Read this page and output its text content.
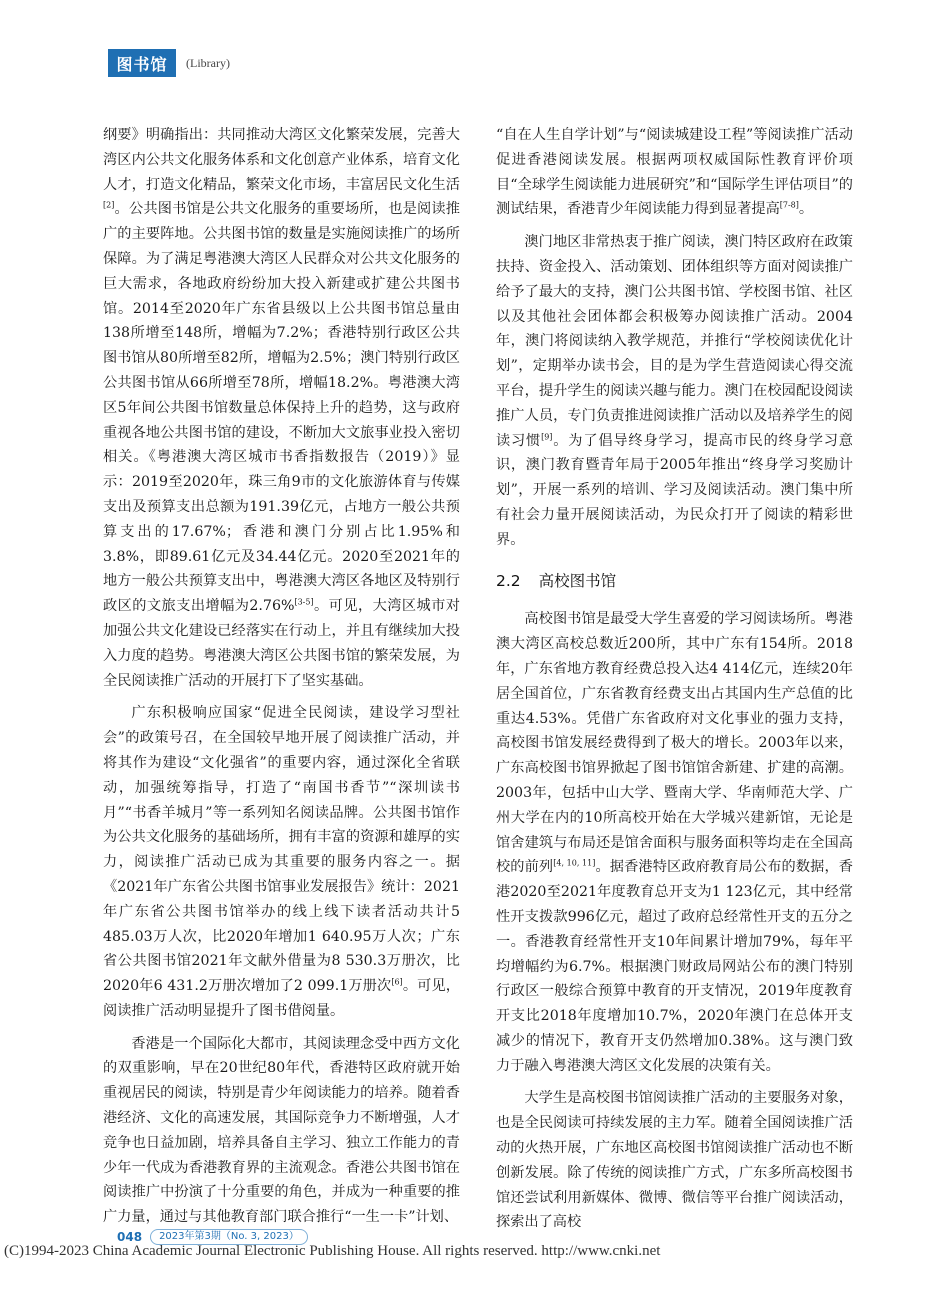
图书馆	(Library)

纲要》明确指出：共同推动大湾区文化繁荣发展，完善大湾区内公共文化服务体系和文化创意产业体系，培育文化人才，打造文化精品，繁荣文化市场，丰富居民文化生活[2]。公共图书馆是公共文化服务的重要场所，也是阅读推广的主要阵地。公共图书馆的数量是实施阅读推广的场所保障。为了满足粤港澳大湾区人民群众对公共文化服务的巨大需求，各地政府纷纷加大投入新建或扩建公共图书馆。2014至2020年广东省县级以上公共图书馆总量由138所增至148所，增幅为7.2%；香港特别行政区公共图书馆从80所增至82所，增幅为2.5%；澳门特别行政区公共图书馆从66所增至78所，增幅18.2%。粤港澳大湾区5年间公共图书馆数量总体保持上升的趋势，这与政府重视各地公共图书馆的建设，不断加大文旅事业投入密切相关。《粤港澳大湾区城市书香指数报告（2019）》显示：2019至2020年，珠三角9市的文化旅游体育与传媒支出及预算支出总额为191.39亿元，占地方一般公共预算支出的17.67%；香港和澳门分别占比1.95%和3.8%，即89.61亿元及34.44亿元。2020至2021年的地方一般公共预算支出中，粤港澳大湾区各地区及特别行政区的文旅支出增幅为2.76%[3-5]。可见，大湾区城市对加强公共文化建设已经落实在行动上，并且有继续加大投入力度的趋势。粤港澳大湾区公共图书馆的繁荣发展，为全民阅读推广活动的开展打下了坚实基础。

广东积极响应国家“促进全民阅读，建设学习型社会”的政策号召，在全国较早地开展了阅读推广活动，并将其作为建设“文化强省”的重要内容，通过深化全省联动，加强统筹指导，打造了“南国书香节”“深圳读书月”“书香羊城月”等一系列知名阅读品牌。公共图书馆作为公共文化服务的基础场所，拥有丰富的资源和雄厚的实力，阅读推广活动已成为其重要的服务内容之一。据《2021年广东省公共图书馆事业发展报告》统计：2021年广东省公共图书馆举办的线上线下读者活动共计5 485.03万人次，比2020年增加1 640.95万人次；广东省公共图书馆2021年文献外借量为8 530.3万册次，比2020年6 431.2万册次增加了2 099.1万册次[6]。可见，阅读推广活动明显提升了图书借阅量。

香港是一个国际化大都市，其阅读理念受中西方文化的双重影响，早在20世纪80年代，香港特区政府就开始重视居民的阅读，特别是青少年阅读能力的培养。随着香港经济、文化的高速发展，其国际竞争力不断增强，人才竞争也日益加剧，培养具备自主学习、独立工作能力的青少年一代成为香港教育界的主流观念。香港公共图书馆在阅读推广中扮演了十分重要的角色，并成为一种重要的推广力量，通过与其他教育部门联合推行“一生一卡”计划、

“自在人生自学计划”与“阅读城建设工程”等阅读推广活动促进香港阅读发展。根据两项权威国际性教育评价项目“全球学生阅读能力进展研究”和“国际学生评估项目”的测试结果，香港青少年阅读能力得到显著提高[7-8]。

澳门地区非常热衷于推广阅读，澳门特区政府在政策扶持、资金投入、活动策划、团体组织等方面对阅读推广给予了最大的支持，澳门公共图书馆、学校图书馆、社区以及其他社会团体都会积极筹办阅读推广活动。2004年，澳门将阅读纳入教学规范，并推行“学校阅读优化计划”，定期举办读书会，目的是为学生营造阅读心得交流平台，提升学生的阅读兴趣与能力。澳门在校园配设阅读推广人员，专门负责推进阅读推广活动以及培养学生的阅读习惯[9]。为了倡导终身学习，提高市民的终身学习意识，澳门教育暨青年局于2005年推出“终身学习奖励计划”，开展一系列的培训、学习及阅读活动。澳门集中所有社会力量开展阅读活动，为民众打开了阅读的精彩世界。

2.2 高校图书馆

高校图书馆是最受大学生喜爱的学习阅读场所。粤港澳大湾区高校总数近200所，其中广东有154所。2018年，广东省地方教育经费总投入达4 414亿元，连续20年居全国首位，广东省教育经费支出占其国内生产总值的比重达4.53%。凭借广东省政府对文化事业的强力支持，高校图书馆发展经费得到了极大的增长。2003年以来，广东高校图书馆界掀起了图书馆馆舍新建、扩建的高潮。2003年，包括中山大学、暨南大学、华南师范大学、广州大学在内的10所高校开始在大学城兴建新馆，无论是馆舍建筑与布局还是馆舍面积与服务面积等均走在全国高校的前列[4, 10, 11]。据香港特区政府教育局公布的数据，香港2020至2021年度教育总开支为1 123亿元，其中经常性开支拨款996亿元，超过了政府总经常性开支的五分之一。香港教育经常性开支10年间累计增加79%，每年平均增幅约为6.7%。根据澳门财政局网站公布的澳门特别行政区一般综合预算中教育的开支情况，2019年度教育开支比2018年度增加10.7%，2020年澳门在总体开支减少的情况下，教育开支仍然增加0.38%。这与澳门致力于融入粤港澳大湾区文化发展的决策有关。

大学生是高校图书馆阅读推广活动的主要服务对象，也是全民阅读可持续发展的主力军。随着全国阅读推广活动的火热开展，广东地区高校图书馆阅读推广活动也不断创新发展。除了传统的阅读推广方式，广东多所高校图书馆还尝试利用新媒体、微博、微信等平台推广阅读活动，探索出了高校

048	2023年第3期（No. 3, 2023）
(C)1994-2023 China Academic Journal Electronic Publishing House. All rights reserved. http://www.cnki.net
